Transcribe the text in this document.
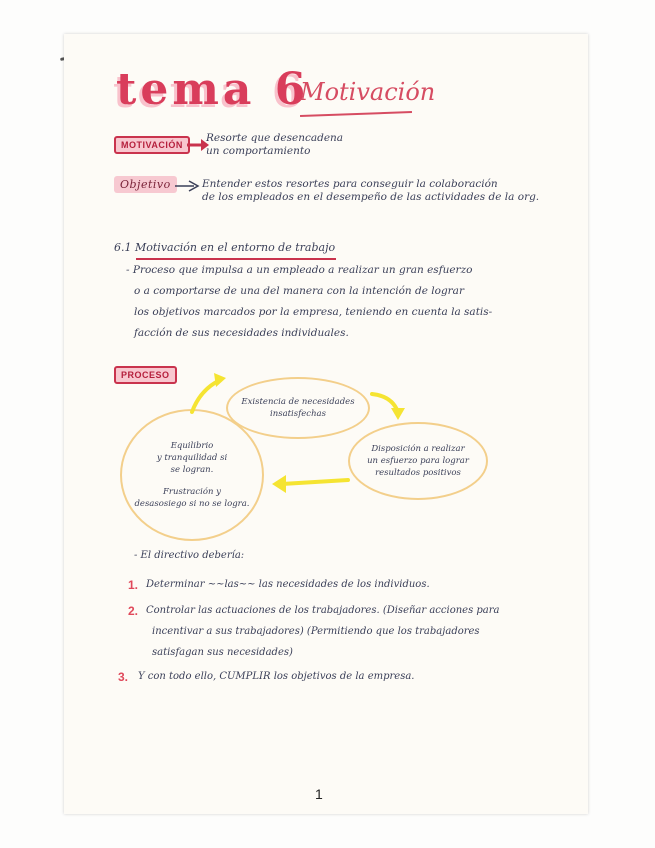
tema 6
Motivación
MOTIVACIÓN
Resorte que desencadena
un comportamiento
Objetivo	Entender estos resortes para conseguir la colaboración
de los empleados en el desempeño de las actividades de la org.
6.1 Motivación en el entorno de trabajo
- Proceso que impulsa a un empleado a realizar un gran esfuerzo
o a comportarse de una del manera con la intención de lograr
los objetivos marcados por la empresa, teniendo en cuenta la satis-
facción de sus necesidades individuales.
PROCESO
Existencia de necesidades
insatisfechas
Disposición a realizar
un esfuerzo para lograr
resultados positivos
Equilibrio
y tranquilidad si
se logran.
Frustración y
desasosiego si no se logra.
- El directivo debería:
1. Determinar ~~las~~ las necesidades de los individuos.
2. Controlar las actuaciones de los trabajadores. (Diseñar acciones para
incentivar a sus trabajadores) (Permitiendo que los trabajadores
satisfagan sus necesidades)
3. Y con todo ello, CUMPLIR los objetivos de la empresa.
1
